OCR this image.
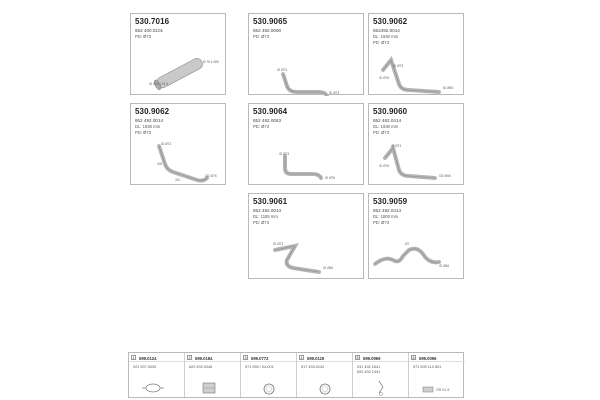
530.7016
652 400.0101
PD: Ø73
Ø 76 x 485
ID 53.5 / 51.5
530.9065
652 492.0060
PD: Ø73
ID Ø73
ID Ø73
530.9062
652492.0014
DL: 1930 mm
PD: Ø73
ID Ø73
ID Ø76
ID Ø66
530.9062
652 492.0014
DL: 1930 mm
PD: Ø73
ID Ø73
400
310
OD Ø76
530.9064
652 492.0063
PD: Ø73
ID Ø73
ID Ø76
530.9060
652 492.0414
DL: 1930 mm
PD: Ø73
ID Ø73
ID Ø76
OD Ø66
530.9061
652 492.0014
DL: 1185 mm
PD: Ø73
ID Ø73
ID Ø66
530.9059
652 492.0414
DL: 1800 mm
PD: Ø73
Ø7
ID Ø66
1	599.0124
921 907.0030
2	599.0184
620 492.0046
3	599.0772
971 955 / 04-001
4	599.0119
517 493.0142
5	599.0969
031 492 1641
652 492 1441
6	599.0096
971 505 110.501
GR 51.5
